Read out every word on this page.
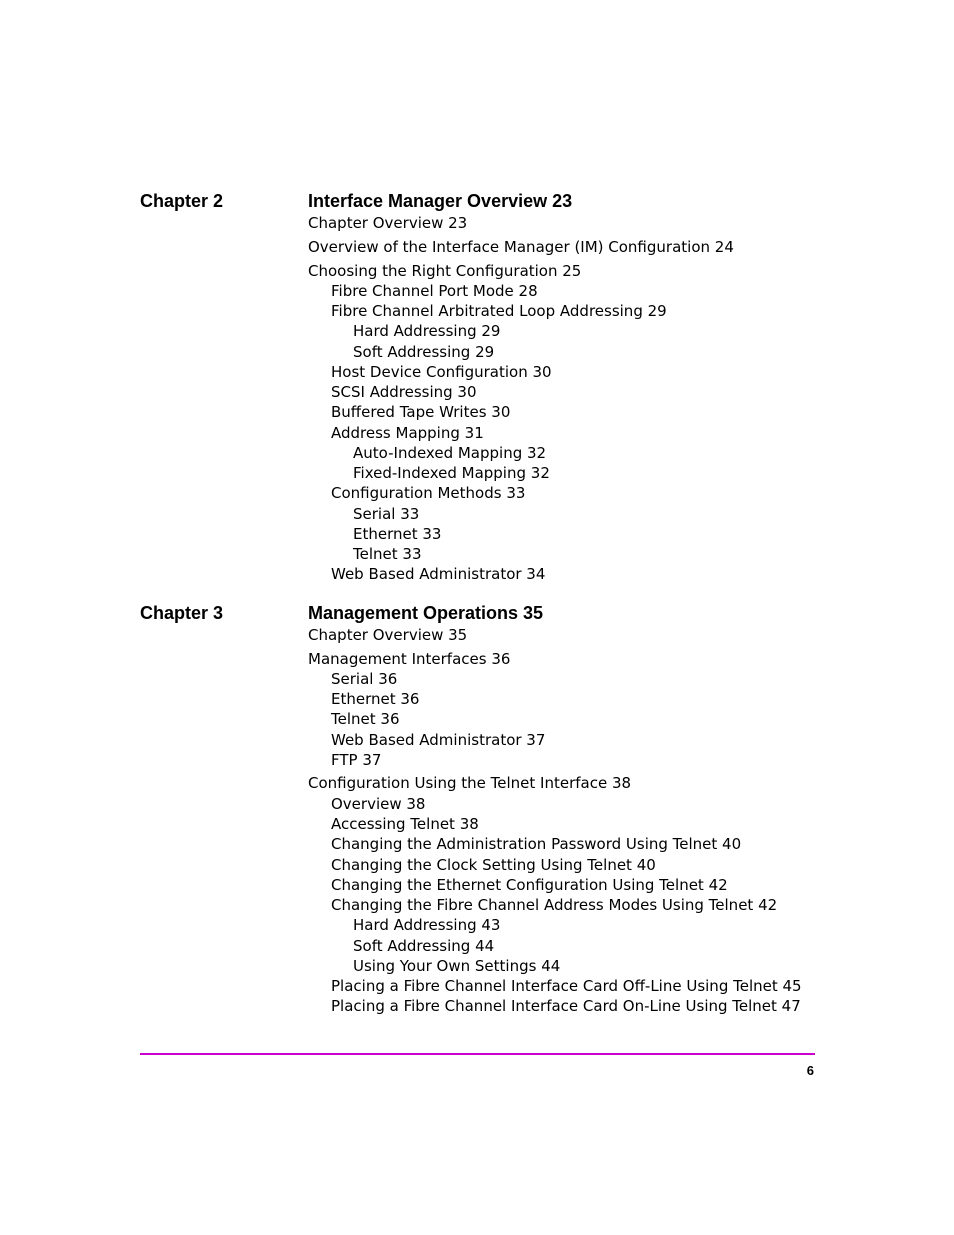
Chapter 2	Interface Manager Overview 23
Chapter Overview 23
Overview of the Interface Manager (IM) Configuration 24
Choosing the Right Configuration 25
Fibre Channel Port Mode 28
Fibre Channel Arbitrated Loop Addressing 29
Hard Addressing 29
Soft Addressing 29
Host Device Configuration 30
SCSI Addressing 30
Buffered Tape Writes 30
Address Mapping 31
Auto-Indexed Mapping 32
Fixed-Indexed Mapping 32
Configuration Methods 33
Serial 33
Ethernet 33
Telnet 33
Web Based Administrator 34
Chapter 3	Management Operations 35
Chapter Overview 35
Management Interfaces 36
Serial 36
Ethernet 36
Telnet 36
Web Based Administrator 37
FTP 37
Configuration Using the Telnet Interface 38
Overview 38
Accessing Telnet 38
Changing the Administration Password Using Telnet 40
Changing the Clock Setting Using Telnet 40
Changing the Ethernet Configuration Using Telnet 42
Changing the Fibre Channel Address Modes Using Telnet 42
Hard Addressing 43
Soft Addressing 44
Using Your Own Settings 44
Placing a Fibre Channel Interface Card Off-Line Using Telnet 45
Placing a Fibre Channel Interface Card On-Line Using Telnet 47
6
